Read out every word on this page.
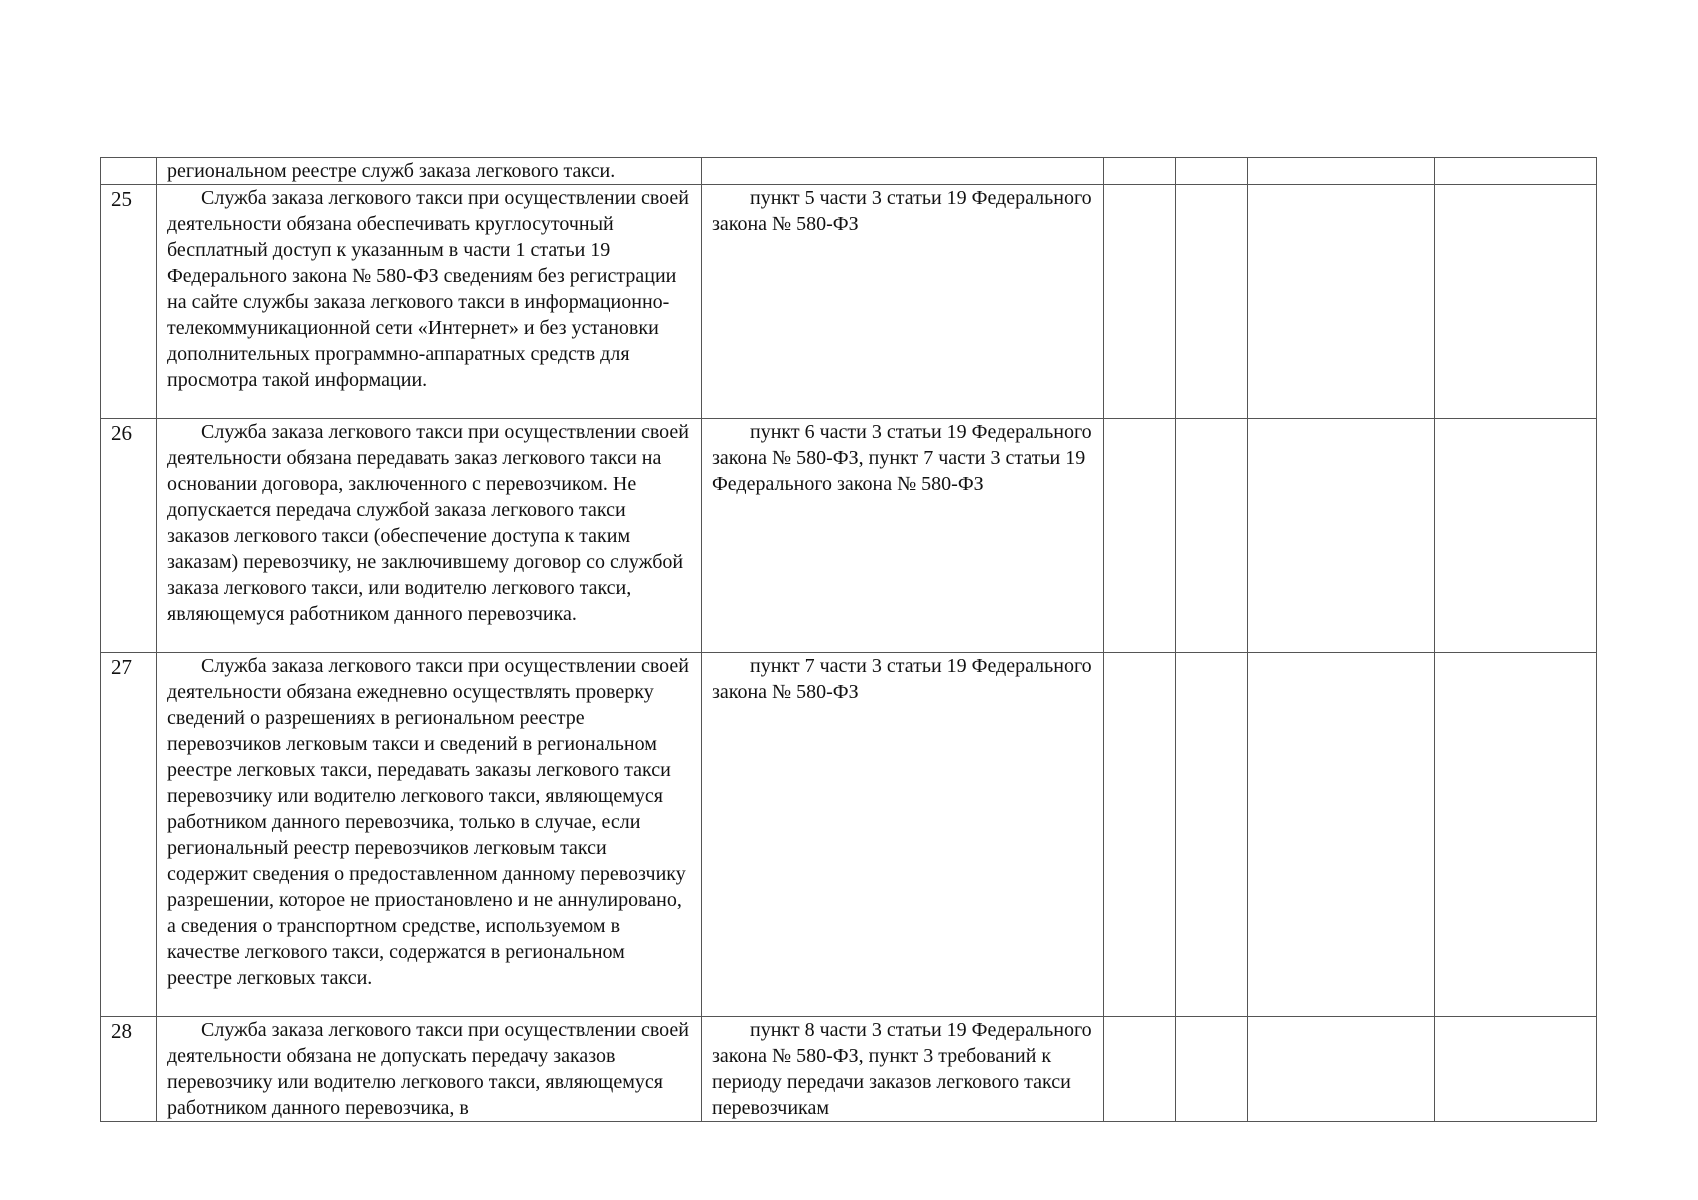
	региональном реестре служб заказа легкового такси.					

25	Служба заказа легкового такси при осуществлении своей деятельности обязана обеспечивать круглосуточный бесплатный доступ к указанным в части 1 статьи 19 Федерального закона № 580-ФЗ сведениям без регистрации на сайте службы заказа легкового такси в информационно-телекоммуникационной сети «Интернет» и без установки дополнительных программно-аппаратных средств для просмотра такой информации.	пункт 5 части 3 статьи 19 Федерального закона № 580-ФЗ				

26	Служба заказа легкового такси при осуществлении своей деятельности обязана передавать заказ легкового такси на основании договора, заключенного с перевозчиком. Не допускается передача службой заказа легкового такси заказов легкового такси (обеспечение доступа к таким заказам) перевозчику, не заключившему договор со службой заказа легкового такси, или водителю легкового такси, являющемуся работником данного перевозчика.	пункт 6 части 3 статьи 19 Федерального закона № 580-ФЗ, пункт 7 части 3 статьи 19 Федерального закона № 580-ФЗ				

27	Служба заказа легкового такси при осуществлении своей деятельности обязана ежедневно осуществлять проверку сведений о разрешениях в региональном реестре перевозчиков легковым такси и сведений в региональном реестре легковых такси, передавать заказы легкового такси перевозчику или водителю легкового такси, являющемуся работником данного перевозчика, только в случае, если региональный реестр перевозчиков легковым такси содержит сведения о предоставленном данному перевозчику разрешении, которое не приостановлено и не аннулировано, а сведения о транспортном средстве, используемом в качестве легкового такси, содержатся в региональном реестре легковых такси.	пункт 7 части 3 статьи 19 Федерального закона № 580-ФЗ				

28	Служба заказа легкового такси при осуществлении своей деятельности обязана не допускать передачу заказов перевозчику или водителю легкового такси, являющемуся работником данного перевозчика, в	пункт 8 части 3 статьи 19 Федерального закона № 580-ФЗ, пункт 3 требований к периоду передачи заказов легкового такси перевозчикам				
